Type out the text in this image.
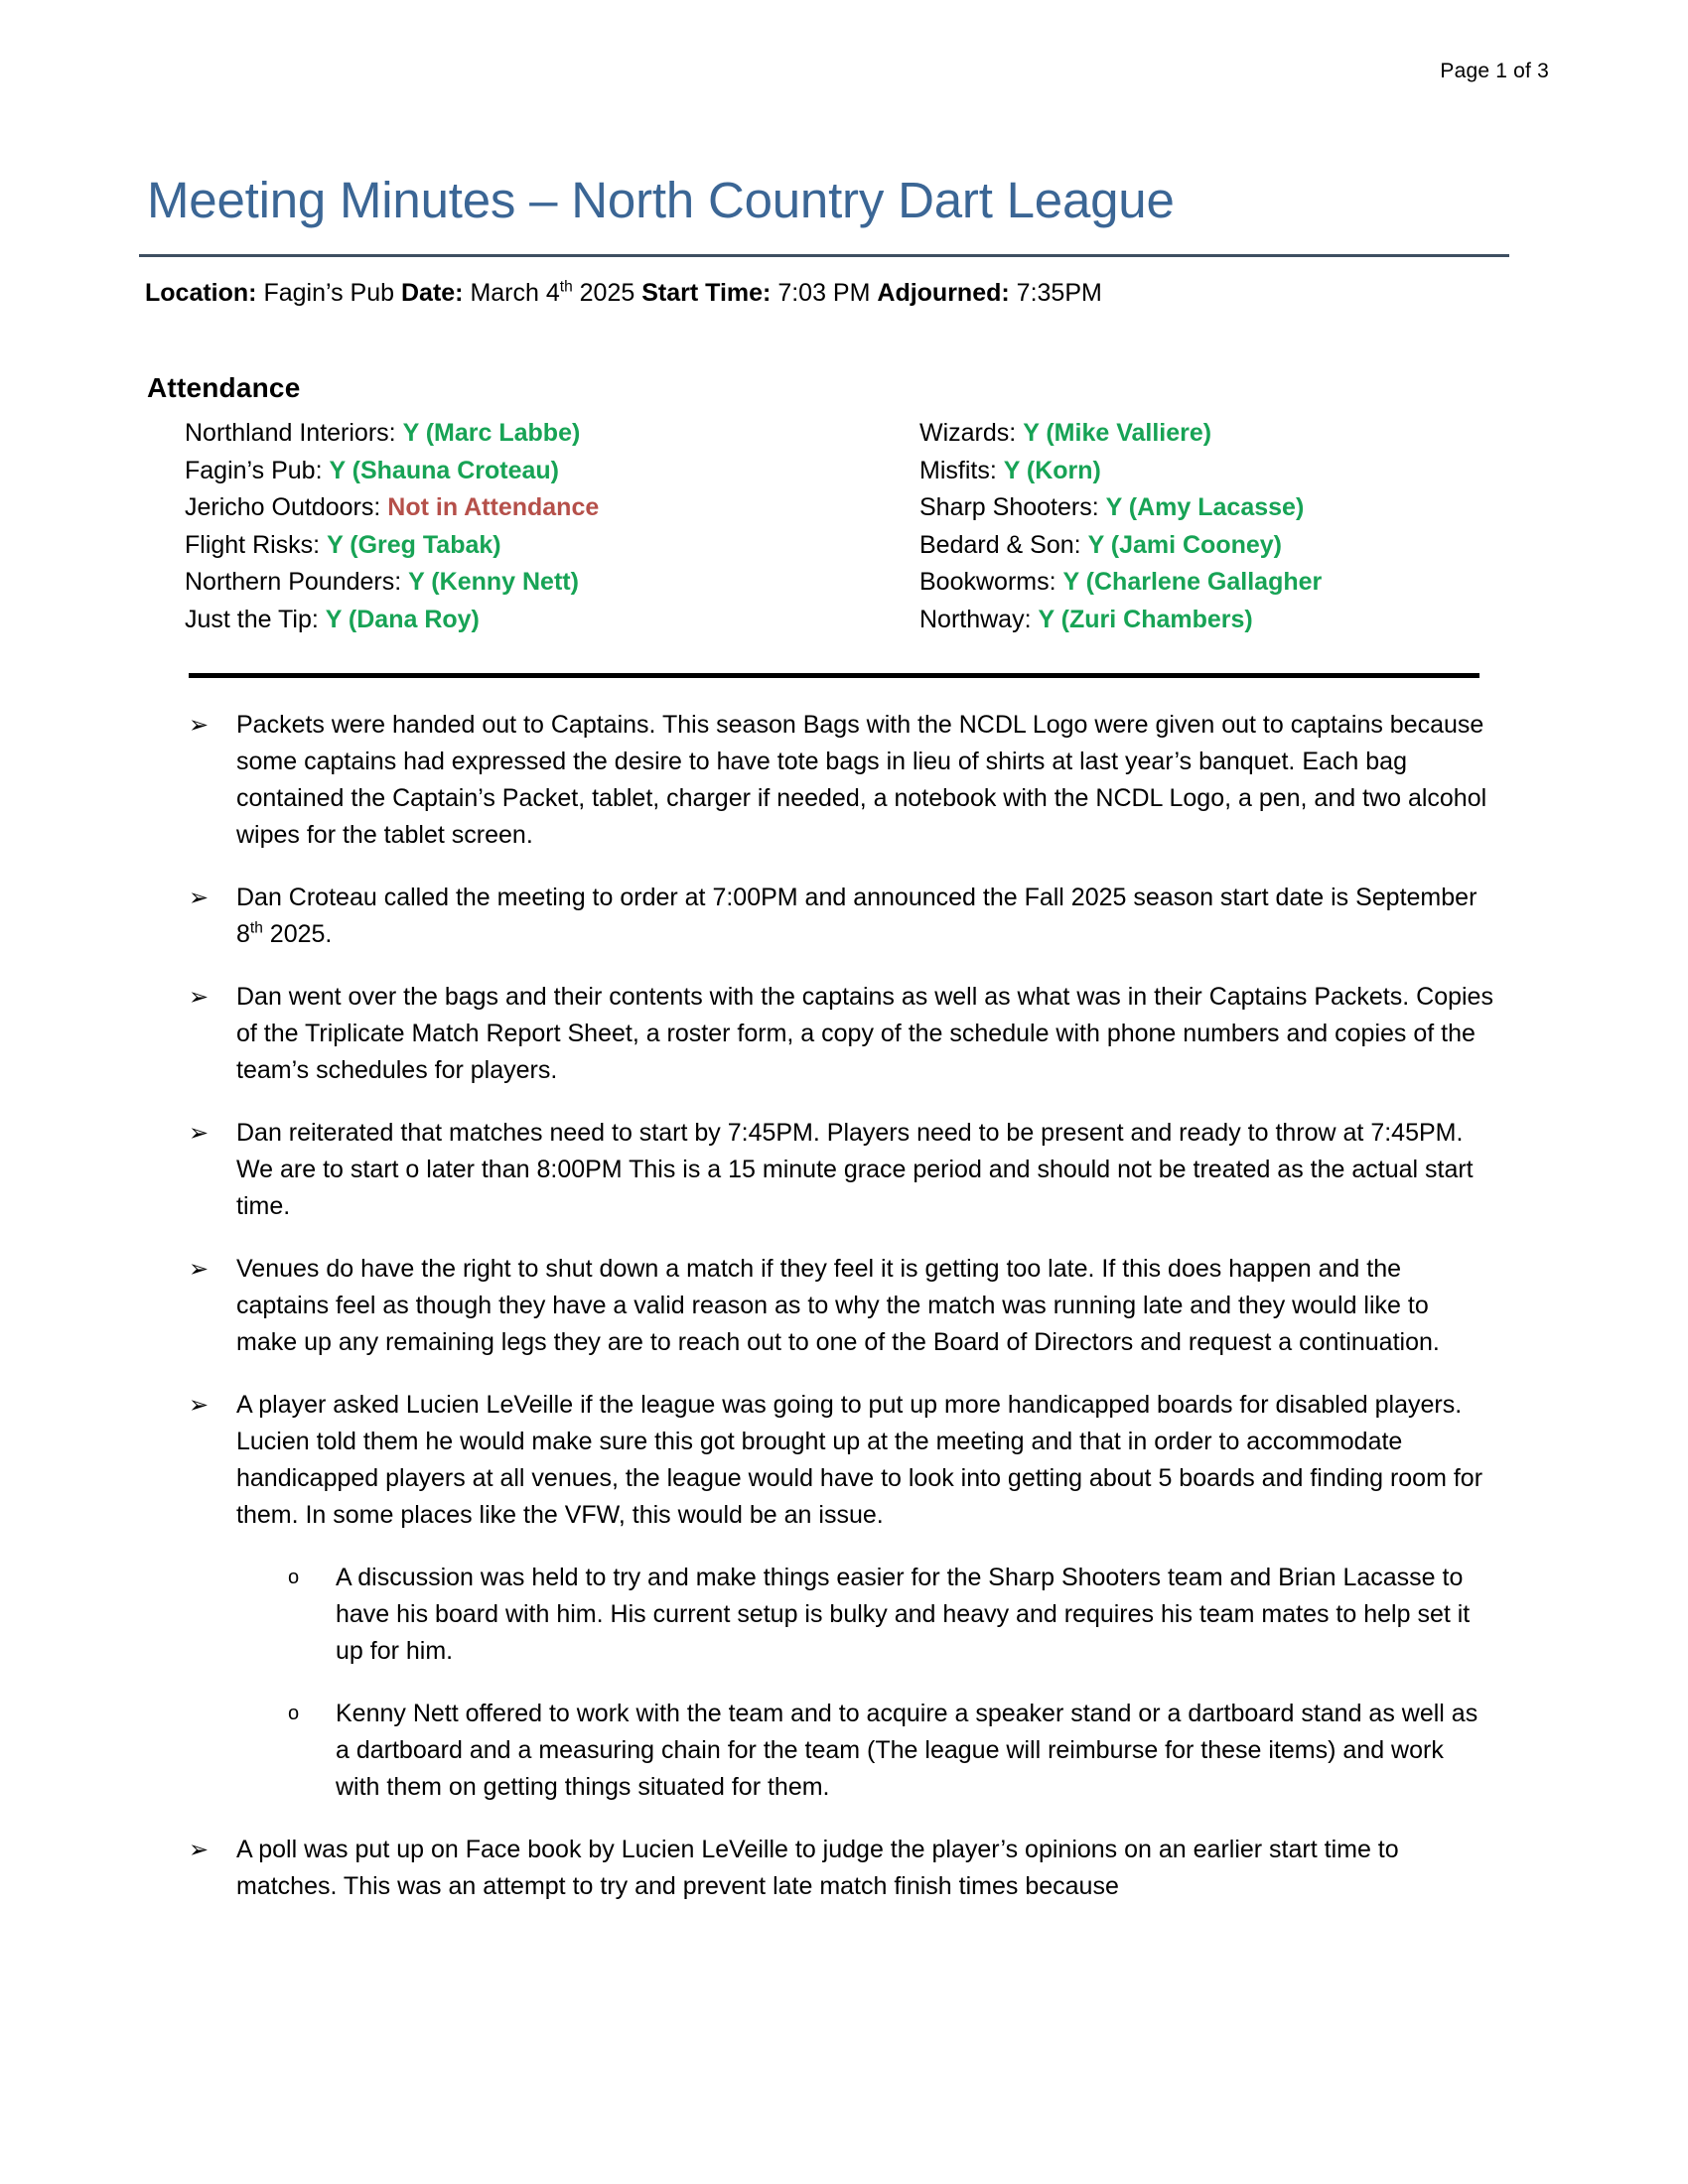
Page 1 of 3
Meeting Minutes – North Country Dart League
Location: Fagin’s Pub Date: March 4th 2025 Start Time: 7:03 PM Adjourned: 7:35PM
Attendance
Northland Interiors: Y (Marc Labbe)
Fagin’s Pub: Y (Shauna Croteau)
Jericho Outdoors: Not in Attendance
Flight Risks: Y (Greg Tabak)
Northern Pounders: Y (Kenny Nett)
Just the Tip: Y (Dana Roy)
Wizards: Y (Mike Valliere)
Misfits: Y (Korn)
Sharp Shooters: Y (Amy Lacasse)
Bedard & Son: Y (Jami Cooney)
Bookworms: Y (Charlene Gallagher
Northway: Y (Zuri Chambers)
➢	Packets were handed out to Captains. This season Bags with the NCDL Logo were given out to captains because some captains had expressed the desire to have tote bags in lieu of shirts at last year’s banquet. Each bag contained the Captain’s Packet, tablet, charger if needed, a notebook with the NCDL Logo, a pen, and two alcohol wipes for the tablet screen.
➢	Dan Croteau called the meeting to order at 7:00PM and announced the Fall 2025 season start date is September 8th 2025.
➢	Dan went over the bags and their contents with the captains as well as what was in their Captains Packets. Copies of the Triplicate Match Report Sheet, a roster form, a copy of the schedule with phone numbers and copies of the team’s schedules for players.
➢	Dan reiterated that matches need to start by 7:45PM. Players need to be present and ready to throw at 7:45PM. We are to start o later than 8:00PM This is a 15 minute grace period and should not be treated as the actual start time.
➢	Venues do have the right to shut down a match if they feel it is getting too late. If this does happen and the captains feel as though they have a valid reason as to why the match was running late and they would like to make up any remaining legs they are to reach out to one of the Board of Directors and request a continuation.
➢	A player asked Lucien LeVeille if the league was going to put up more handicapped boards for disabled players. Lucien told them he would make sure this got brought up at the meeting and that in order to accommodate handicapped players at all venues, the league would have to look into getting about 5 boards and finding room for them. In some places like the VFW, this would be an issue.
o	A discussion was held to try and make things easier for the Sharp Shooters team and Brian Lacasse to have his board with him. His current setup is bulky and heavy and requires his team mates to help set it up for him.
o	Kenny Nett offered to work with the team and to acquire a speaker stand or a dartboard stand as well as a dartboard and a measuring chain for the team (The league will reimburse for these items) and work with them on getting things situated for them.
➢	A poll was put up on Face book by Lucien LeVeille to judge the player’s opinions on an earlier start time to matches. This was an attempt to try and prevent late match finish times because
